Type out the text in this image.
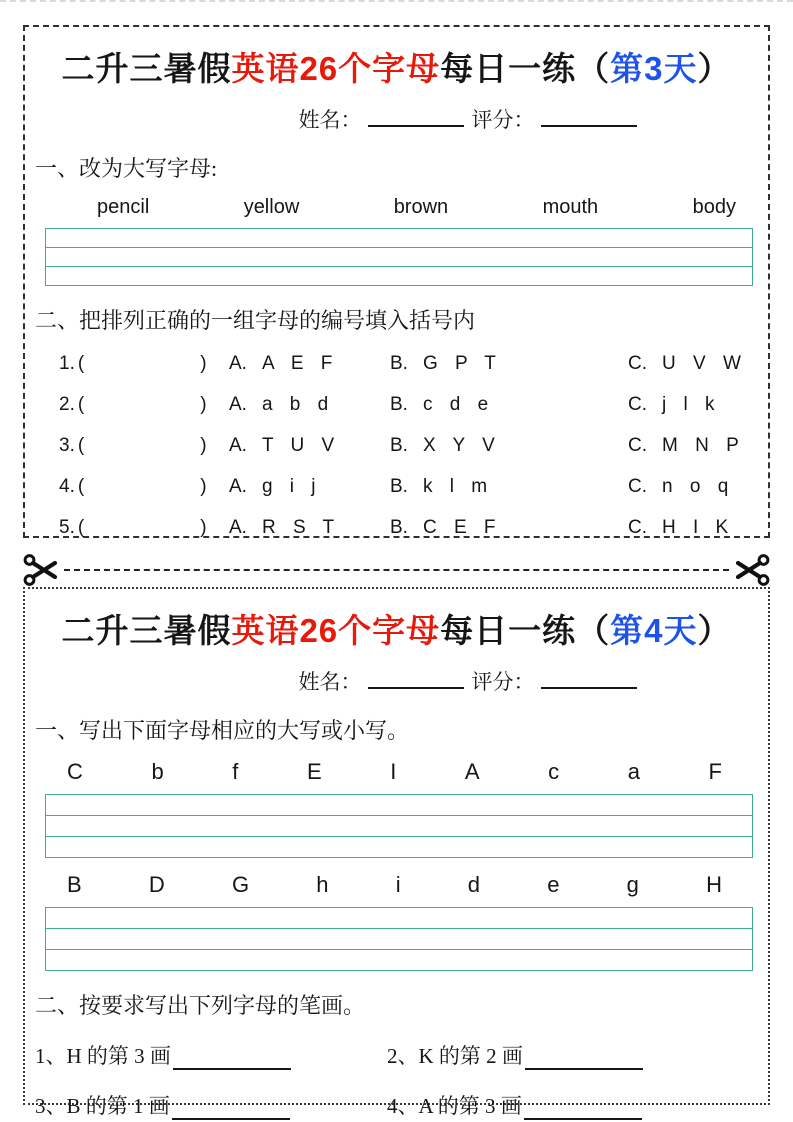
二升三暑假英语26个字母每日一练（第3天）
姓名：	评分：
一、改为大写字母:
pencil	yellow	brown	mouth	body
二、把排列正确的一组字母的编号填入括号内
1. (	) A. A E F	B. G P T	C. U V W
2. (	) A. a b d	B. c d e	C. j l k
3. (	) A. T U V	B. X Y V	C. M N P
4. (	) A. g i j	B. k l m	C. n o q
5. (	) A. R S T	B. C E F	C. H I K
二升三暑假英语26个字母每日一练（第4天）
姓名：	评分：
一、写出下面字母相应的大写或小写。
C	b	f	E	I	A	c	a	F
B	D	G	h	i	d	e	g	H
二、按要求写出下列字母的笔画。
1、H 的第 3 画	2、K 的第 2 画
3、B 的第 1 画	4、A 的第 3 画
